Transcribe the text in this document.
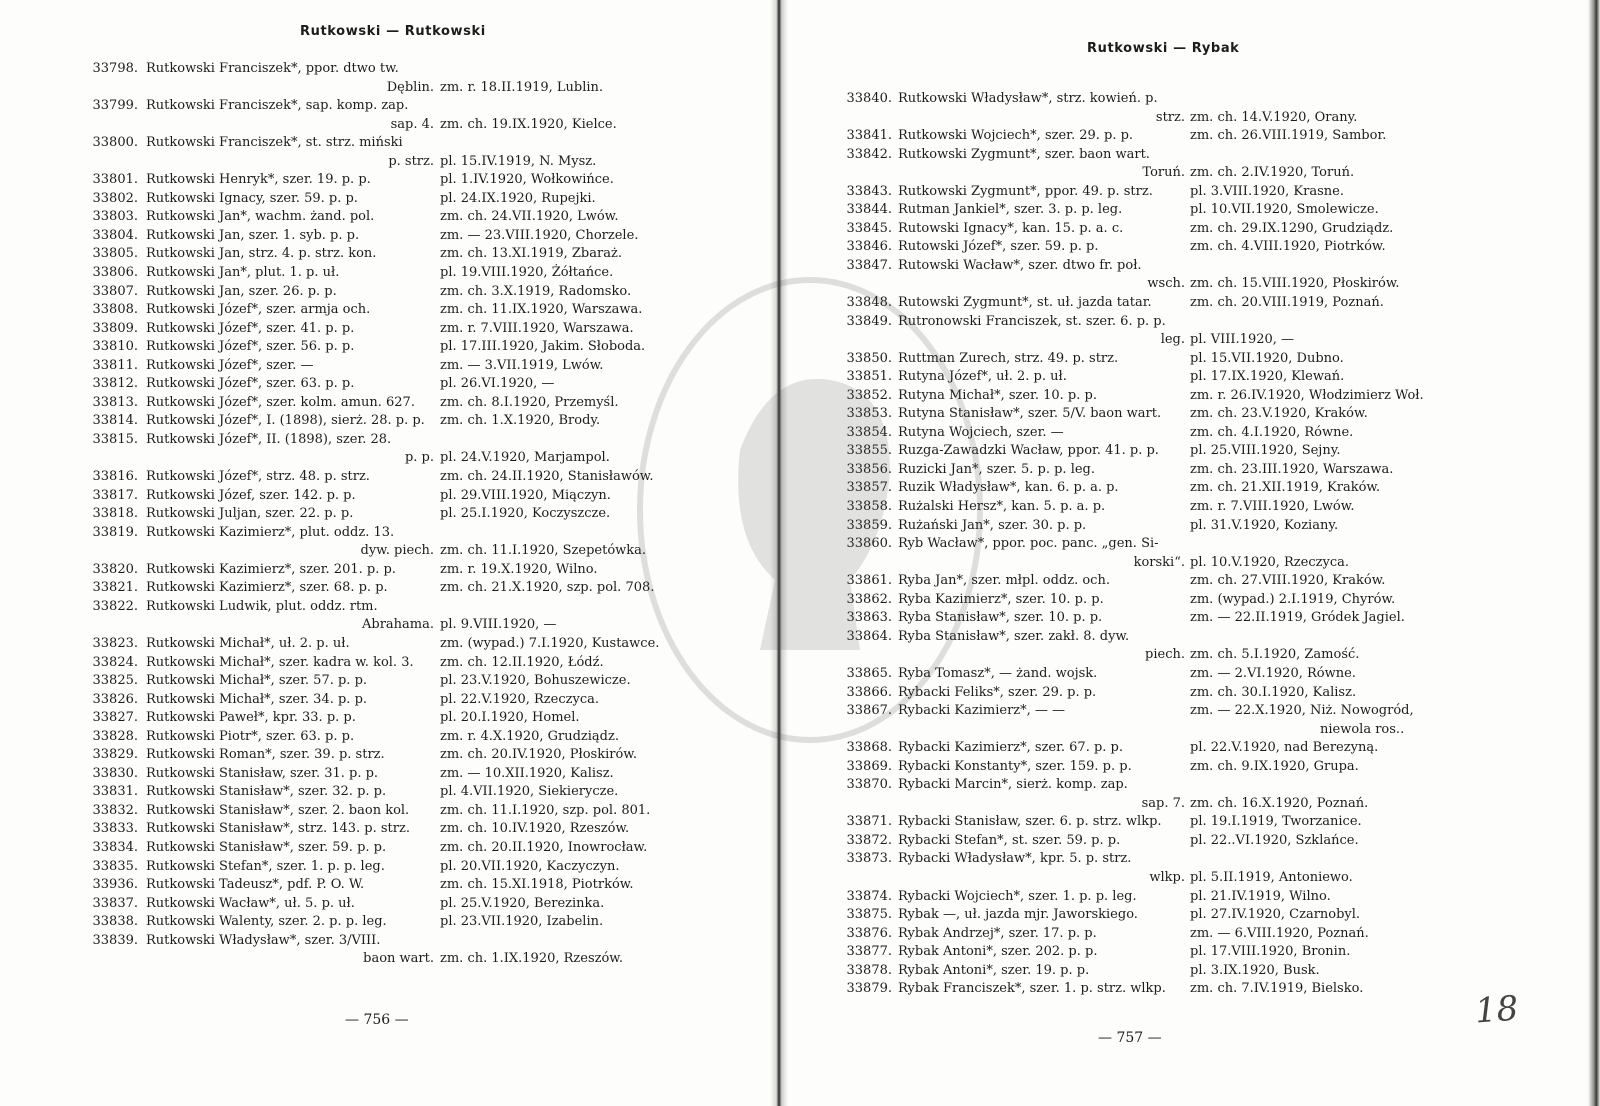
Rutkowski — Rutkowski
33798. Rutkowski Franciszek*, ppor. dtwo tw.
Dęblin. zm. r. 18.II.1919, Lublin.
33799. Rutkowski Franciszek*, sap. komp. zap.
sap. 4. zm. ch. 19.IX.1920, Kielce.
33800. Rutkowski Franciszek*, st. strz. miński
p. strz. pl. 15.IV.1919, N. Mysz.
33801. Rutkowski Henryk*, szer. 19. p. p.	pl. 1.IV.1920, Wołkowińce.
33802. Rutkowski Ignacy, szer. 59. p. p.	pl. 24.IX.1920, Rupejki.
33803. Rutkowski Jan*, wachm. żand. pol.	zm. ch. 24.VII.1920, Lwów.
33804. Rutkowski Jan, szer. 1. syb. p. p.	zm. — 23.VIII.1920, Chorzele.
33805. Rutkowski Jan, strz. 4. p. strz. kon.	zm. ch. 13.XI.1919, Zbaraż.
33806. Rutkowski Jan*, plut. 1. p. uł.	pl. 19.VIII.1920, Żółtańce.
33807. Rutkowski Jan, szer. 26. p. p.	zm. ch. 3.X.1919, Radomsko.
33808. Rutkowski Józef*, szer. armja och.	zm. ch. 11.IX.1920, Warszawa.
33809. Rutkowski Józef*, szer. 41. p. p.	zm. r. 7.VIII.1920, Warszawa.
33810. Rutkowski Józef*, szer. 56. p. p.	pl. 17.III.1920, Jakim. Słoboda.
33811. Rutkowski Józef*, szer. —	zm. — 3.VII.1919, Lwów.
33812. Rutkowski Józef*, szer. 63. p. p.	pl. 26.VI.1920, —
33813. Rutkowski Józef*, szer. kolm. amun. 627. zm. ch. 8.I.1920, Przemyśl.
33814. Rutkowski Józef*, I. (1898), sierż. 28. p. p. zm. ch. 1.X.1920, Brody.
33815. Rutkowski Józef*, II. (1898), szer. 28.
p. p. pl. 24.V.1920, Marjampol.
33816. Rutkowski Józef*, strz. 48. p. strz.	zm. ch. 24.II.1920, Stanisławów.
33817. Rutkowski Józef, szer. 142. p. p.	pl. 29.VIII.1920, Miączyn.
33818. Rutkowski Juljan, szer. 22. p. p.	pl. 25.I.1920, Koczyszcze.
33819. Rutkowski Kazimierz*, plut. oddz. 13.
dyw. piech. zm. ch. 11.I.1920, Szepetówka.
33820. Rutkowski Kazimierz*, szer. 201. p. p.	zm. r. 19.X.1920, Wilno.
33821. Rutkowski Kazimierz*, szer. 68. p. p.	zm. ch. 21.X.1920, szp. pol. 708.
33822. Rutkowski Ludwik, plut. oddz. rtm.
Abrahama. pl. 9.VIII.1920, —
33823. Rutkowski Michał*, uł. 2. p. uł.	zm. (wypad.) 7.I.1920, Kustawce.
33824. Rutkowski Michał*, szer. kadra w. kol. 3. zm. ch. 12.II.1920, Łódź.
33825. Rutkowski Michał*, szer. 57. p. p.	pl. 23.V.1920, Bohuszewicze.
33826. Rutkowski Michał*, szer. 34. p. p.	pl. 22.V.1920, Rzeczyca.
33827. Rutkowski Paweł*, kpr. 33. p. p.	pl. 20.I.1920, Homel.
33828. Rutkowski Piotr*, szer. 63. p. p.	zm. r. 4.X.1920, Grudziądz.
33829. Rutkowski Roman*, szer. 39. p. strz.	zm. ch. 20.IV.1920, Płoskirów.
33830. Rutkowski Stanisław, szer. 31. p. p.	zm. — 10.XII.1920, Kalisz.
33831. Rutkowski Stanisław*, szer. 32. p. p.	pl. 4.VII.1920, Siekierycze.
33832. Rutkowski Stanisław*, szer. 2. baon kol. zm. ch. 11.I.1920, szp. pol. 801.
33833. Rutkowski Stanisław*, strz. 143. p. strz. zm. ch. 10.IV.1920, Rzeszów.
33834. Rutkowski Stanisław*, szer. 59. p. p.	zm. ch. 20.II.1920, Inowrocław.
33835. Rutkowski Stefan*, szer. 1. p. p. leg.	pl. 20.VII.1920, Kaczyczyn.
33936. Rutkowski Tadeusz*, pdf. P. O. W.	zm. ch. 15.XI.1918, Piotrków.
33837. Rutkowski Wacław*, uł. 5. p. uł.	pl. 25.V.1920, Berezinka.
33838. Rutkowski Walenty, szer. 2. p. p. leg.	pl. 23.VII.1920, Izabelin.
33839. Rutkowski Władysław*, szer. 3/VIII.
baon wart. zm. ch. 1.IX.1920, Rzeszów.
— 756 —
Rutkowski — Rybak
33840. Rutkowski Władysław*, strz. kowień. p.
strz. zm. ch. 14.V.1920, Orany.
33841. Rutkowski Wojciech*, szer. 29. p. p.	zm. ch. 26.VIII.1919, Sambor.
33842. Rutkowski Zygmunt*, szer. baon wart.
Toruń. zm. ch. 2.IV.1920, Toruń.
33843. Rutkowski Zygmunt*, ppor. 49. p. strz.	pl. 3.VIII.1920, Krasne.
33844. Rutman Jankiel*, szer. 3. p. p. leg.	pl. 10.VII.1920, Smolewicze.
33845. Rutowski Ignacy*, kan. 15. p. a. c.	zm. ch. 29.IX.1290, Grudziądz.
33846. Rutowski Józef*, szer. 59. p. p.	zm. ch. 4.VIII.1920, Piotrków.
33847. Rutowski Wacław*, szer. dtwo fr. poł.
wsch. zm. ch. 15.VIII.1920, Płoskirów.
33848. Rutowski Zygmunt*, st. uł. jazda tatar.	zm. ch. 20.VIII.1919, Poznań.
33849. Rutronowski Franciszek, st. szer. 6. p. p.
leg. pl. VIII.1920, —
33850. Ruttman Zurech, strz. 49. p. strz.	pl. 15.VII.1920, Dubno.
33851. Rutyna Józef*, uł. 2. p. uł.	pl. 17.IX.1920, Klewań.
33852. Rutyna Michał*, szer. 10. p. p.	zm. r. 26.IV.1920, Włodzimierz Woł.
33853. Rutyna Stanisław*, szer. 5/V. baon wart. zm. ch. 23.V.1920, Kraków.
33854. Rutyna Wojciech, szer. —	zm. ch. 4.I.1920, Równe.
33855. Ruzga-Zawadzki Wacław, ppor. 41. p. p. pl. 25.VIII.1920, Sejny.
33856. Ruzicki Jan*, szer. 5. p. p. leg.	zm. ch. 23.III.1920, Warszawa.
33857. Ruzik Władysław*, kan. 6. p. a. p.	zm. ch. 21.XII.1919, Kraków.
33858. Rużalski Hersz*, kan. 5. p. a. p.	zm. r. 7.VIII.1920, Lwów.
33859. Rużański Jan*, szer. 30. p. p.	pl. 31.V.1920, Koziany.
33860. Ryb Wacław*, ppor. poc. panc. „gen. Si-
korski“. pl. 10.V.1920, Rzeczyca.
33861. Ryba Jan*, szer. młpl. oddz. och.	zm. ch. 27.VIII.1920, Kraków.
33862. Ryba Kazimierz*, szer. 10. p. p.	zm. (wypad.) 2.I.1919, Chyrów.
33863. Ryba Stanisław*, szer. 10. p. p.	zm. — 22.II.1919, Gródek Jagiel.
33864. Ryba Stanisław*, szer. zakł. 8. dyw.
piech. zm. ch. 5.I.1920, Zamość.
33865. Ryba Tomasz*, — żand. wojsk.	zm. — 2.VI.1920, Równe.
33866. Rybacki Feliks*, szer. 29. p. p.	zm. ch. 30.I.1920, Kalisz.
33867. Rybacki Kazimierz*, — —	zm. — 22.X.1920, Niż. Nowogród,
niewola ros..
33868. Rybacki Kazimierz*, szer. 67. p. p.	pl. 22.V.1920, nad Berezyną.
33869. Rybacki Konstanty*, szer. 159. p. p.	zm. ch. 9.IX.1920, Grupa.
33870. Rybacki Marcin*, sierż. komp. zap.
sap. 7. zm. ch. 16.X.1920, Poznań.
33871. Rybacki Stanisław, szer. 6. p. strz. wlkp. pl. 19.I.1919, Tworzanice.
33872. Rybacki Stefan*, st. szer. 59. p. p.	pl. 22..VI.1920, Szklańce.
33873. Rybacki Władysław*, kpr. 5. p. strz.
wlkp. pl. 5.II.1919, Antoniewo.
33874. Rybacki Wojciech*, szer. 1. p. p. leg.	pl. 21.IV.1919, Wilno.
33875. Rybak —, uł. jazda mjr. Jaworskiego.	pl. 27.IV.1920, Czarnobyl.
33876. Rybak Andrzej*, szer. 17. p. p.	zm. — 6.VIII.1920, Poznań.
33877. Rybak Antoni*, szer. 202. p. p.	pl. 17.VIII.1920, Bronin.
33878. Rybak Antoni*, szer. 19. p. p.	pl. 3.IX.1920, Busk.
33879. Rybak Franciszek*, szer. 1. p. strz. wlkp. zm. ch. 7.IV.1919, Bielsko.
— 757 —
18
